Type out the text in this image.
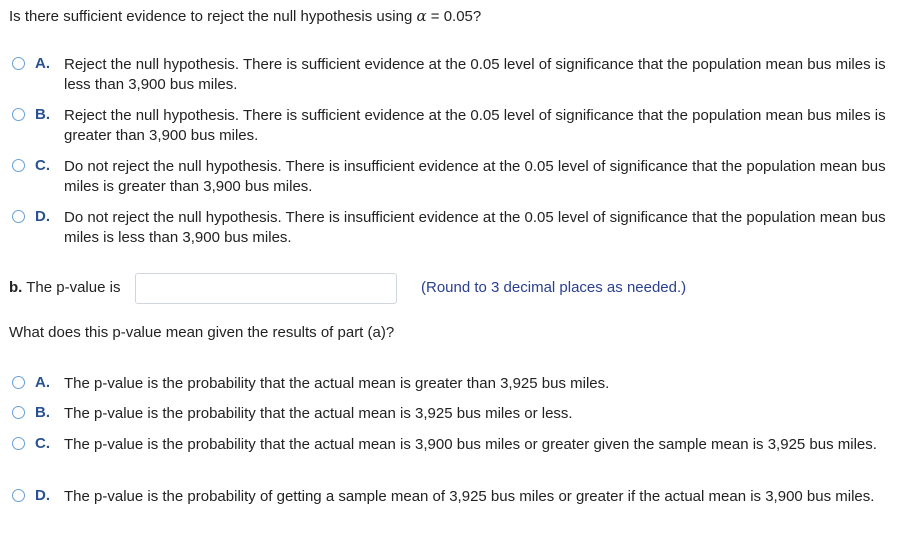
Is there sufficient evidence to reject the null hypothesis using α = 0.05?
A. Reject the null hypothesis. There is sufficient evidence at the 0.05 level of significance that the population mean bus miles is less than 3,900 bus miles.
B. Reject the null hypothesis. There is sufficient evidence at the 0.05 level of significance that the population mean bus miles is greater than 3,900 bus miles.
C. Do not reject the null hypothesis. There is insufficient evidence at the 0.05 level of significance that the population mean bus miles is greater than 3,900 bus miles.
D. Do not reject the null hypothesis. There is insufficient evidence at the 0.05 level of significance that the population mean bus miles is less than 3,900 bus miles.
b. The p-value is	(Round to 3 decimal places as needed.)
What does this p-value mean given the results of part (a)?
A. The p-value is the probability that the actual mean is greater than 3,925 bus miles.
B. The p-value is the probability that the actual mean is 3,925 bus miles or less.
C. The p-value is the probability that the actual mean is 3,900 bus miles or greater given the sample mean is 3,925 bus miles.
D. The p-value is the probability of getting a sample mean of 3,925 bus miles or greater if the actual mean is 3,900 bus miles.
